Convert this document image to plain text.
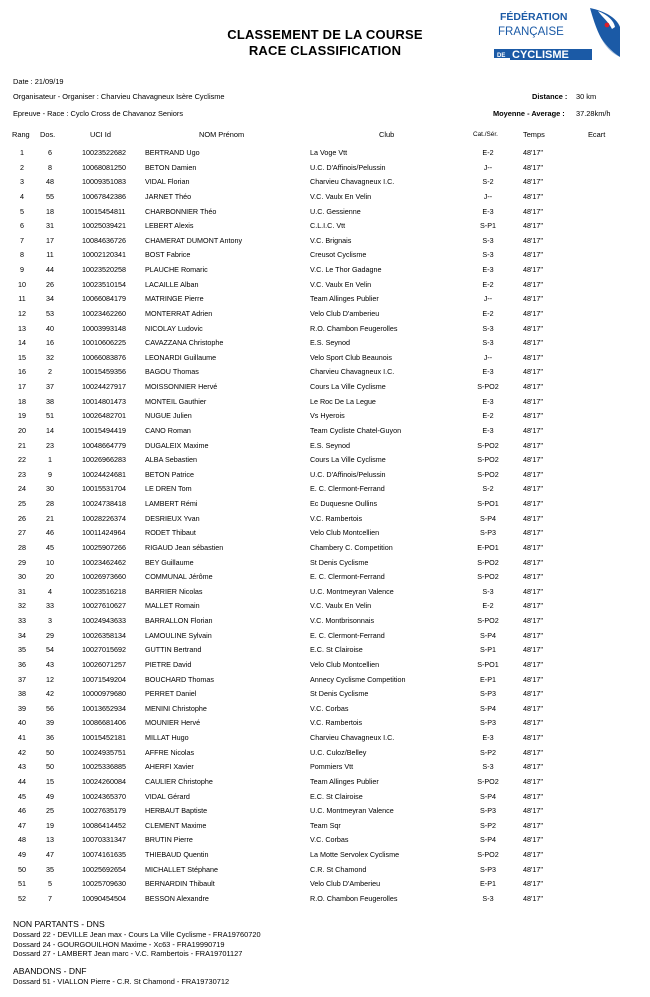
CLASSEMENT DE LA COURSE
RACE CLASSIFICATION
FÉDÉRATION
FRANÇAISE
DE CYCLISME
Date : 21/09/19
Organisateur - Organiser : Charvieu Chavagneux Isère Cyclisme
Epreuve - Race : Cyclo Cross de Chavanoz Seniors
Distance : 30 km
Moyenne - Average : 37.28km/h
Rang Dos.	UCI Id	NOM Prénom	Club	Cat./Sér.	Temps	Ecart
1	6	10023522682	BERTRAND Ugo	La Voge Vtt	E-2	48'17''
2	8	10068081250	BETON Damien	U.C. D'Affinois/Pelussin	J--	48'17''
3	48	10009351083	VIDAL Florian	Charvieu Chavagneux I.C.	S-2	48'17''
4	55	10067842386	JARNET Théo	V.C. Vaulx En Velin	J--	48'17''
5	18	10015454811	CHARBONNIER Théo	U.C. Gessienne	E-3	48'17''
6	31	10025039421	LEBERT Alexis	C.L.I.C. Vtt	S-P1	48'17''
7	17	10084636726	CHAMERAT DUMONT Antony	V.C. Brignais	S-3	48'17''
8	11	10002120341	BOST Fabrice	Creusot Cyclisme	S-3	48'17''
9	44	10023520258	PLAUCHE Romaric	V.C. Le Thor Gadagne	E-3	48'17''
10	26	10023510154	LACAILLE Alban	V.C. Vaulx En Velin	E-2	48'17''
11	34	10066084179	MATRINGE Pierre	Team Allinges Publier	J--	48'17''
12	53	10023462260	MONTERRAT Adrien	Velo Club D'amberieu	E-2	48'17''
13	40	10003993148	NICOLAY Ludovic	R.O. Chambon Feugerolles	S-3	48'17''
14	16	10010606225	CAVAZZANA Christophe	E.S. Seynod	S-3	48'17''
15	32	10066083876	LEONARDI Guillaume	Velo Sport Club Beaunois	J--	48'17''
16	2	10015459356	BAGOU Thomas	Charvieu Chavagneux I.C.	E-3	48'17''
17	37	10024427917	MOISSONNIER Hervé	Cours La Ville Cyclisme	S-PO2	48'17''
18	38	10014801473	MONTEIL Gauthier	Le Roc De La Legue	E-3	48'17''
19	51	10026482701	NUGUE Julien	Vs Hyerois	E-2	48'17''
20	14	10015494419	CANO Roman	Team Cycliste Chatel-Guyon	E-3	48'17''
21	23	10048664779	DUGALEIX Maxime	E.S. Seynod	S-PO2	48'17''
22	1	10026966283	ALBA Sebastien	Cours La Ville Cyclisme	S-PO2	48'17''
23	9	10024424681	BETON Patrice	U.C. D'Affinois/Pelussin	S-PO2	48'17''
24	30	10015531704	LE DREN Tom	E. C. Clermont-Ferrand	S-2	48'17''
25	28	10024738418	LAMBERT Rémi	Ec Duquesne Oullins	S-PO1	48'17''
26	21	10028226374	DESRIEUX Yvan	V.C. Rambertois	S-P4	48'17''
27	46	10011424964	RODET Thibaut	Velo Club Montcellien	S-P3	48'17''
28	45	10025907266	RIGAUD Jean sébastien	Chambery C. Competition	E-PO1	48'17''
29	10	10023462462	BEY Guillaume	St Denis Cyclisme	S-PO2	48'17''
30	20	10026973660	COMMUNAL Jérôme	E. C. Clermont-Ferrand	S-PO2	48'17''
31	4	10023516218	BARRIER Nicolas	U.C. Montmeyran Valence	S-3	48'17''
32	33	10027610627	MALLET Romain	V.C. Vaulx En Velin	E-2	48'17''
33	3	10024943633	BARRALLON Florian	V.C. Montbrisonnais	S-PO2	48'17''
34	29	10026358134	LAMOULINE Sylvain	E. C. Clermont-Ferrand	S-P4	48'17''
35	54	10027015692	GUTTIN Bertrand	E.C. St Clairoise	S-P1	48'17''
36	43	10026071257	PIETRE David	Velo Club Montcellien	S-PO1	48'17''
37	12	10071549204	BOUCHARD Thomas	Annecy Cyclisme Competition	E-P1	48'17''
38	42	10000979680	PERRET Daniel	St Denis Cyclisme	S-P3	48'17''
39	56	10013652934	MENINI Christophe	V.C. Corbas	S-P4	48'17''
40	39	10086681406	MOUNIER Hervé	V.C. Rambertois	S-P3	48'17''
41	36	10015452181	MILLAT Hugo	Charvieu Chavagneux I.C.	E-3	48'17''
42	50	10024935751	AFFRE Nicolas	U.C. Culoz/Belley	S-P2	48'17''
43	50	10025336885	AHERFI Xavier	Pommiers Vtt	S-3	48'17''
44	15	10024260084	CAULIER Christophe	Team Allinges Publier	S-PO2	48'17''
45	49	10024365370	VIDAL Gérard	E.C. St Clairoise	S-P4	48'17''
46	25	10027635179	HERBAUT Baptiste	U.C. Montmeyran Valence	S-P3	48'17''
47	19	10086414452	CLEMENT Maxime	Team Sqr	S-P2	48'17''
48	13	10070331347	BRUTIN Pierre	V.C. Corbas	S-P4	48'17''
49	47	10074161635	THIEBAUD Quentin	La Motte Servolex Cyclisme	S-PO2	48'17''
50	35	10025692654	MICHALLET Stéphane	C.R. St Chamond	S-P3	48'17''
51	5	10025709630	BERNARDIN Thibault	Velo Club D'Amberieu	E-P1	48'17''
52	7	10090454504	BESSON Alexandre	R.O. Chambon Feugerolles	S-3	48'17''
NON PARTANTS - DNS
Dossard 22 - DEVILLE Jean max - Cours La Ville Cyclisme - FRA19760720
Dossard 24 - GOURGOUILHON Maxime - Xc63 - FRA19990719
Dossard 27 - LAMBERT Jean marc - V.C. Rambertois - FRA19701127
ABANDONS - DNF
Dossard 51 - VIALLON Pierre - C.R. St Chamond - FRA19730712
